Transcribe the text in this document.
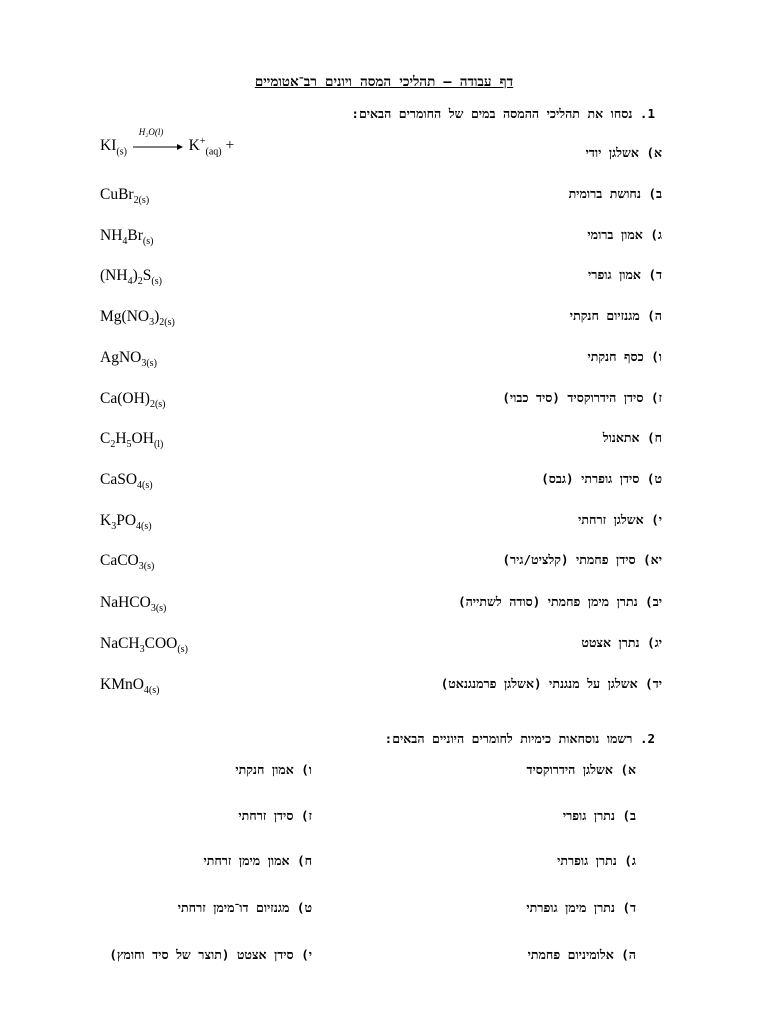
דף עבודה – תהליכי המסה ויונים רב־אטומיים
1. נסחו את תהליכי ההמסה במים של החומרים הבאים:
$KI_{(s)}$
H₂O(l)
$K^+_{(aq)}$ +	א) אשלגן יודי
ב) נחושת ברומית
CuBr$_{2(s)}$
ג) אמון ברומי
$NH_4Br_{(s)}$
ד) אמון גופרי
$(NH_4)_2S_{(s)}$
ה) מגנזיום חנקתי
$Mg(NO_3)_{2(s)}$
ו) כסף חנקתי
AgNO$_{3(s)}$
ז) סידן הידרוקסיד (סיד כבוי)
$Ca(OH)_{2(s)}$
ח) אתאנול
$C_2H_5OH_{(l)}$
ט) סידן גופרתי (גבס)
CaSO$_{4(s)}$
י) אשלגן זרחתי
$K_3PO_{4(s)}$
יא) סידן פחמתי (קלציט/גיר)
CaCO$_{3(s)}$
יב) נתרן מימן פחמתי (סודה לשתייה)
NaHCO$_{3(s)}$
יג) נתרן אצטט
$NaCH_3COO_{(s)}$
יד) אשלגן על מנגנתי (אשלגן פרמנגנאט)
KMnO$_{4(s)}$
2. רשמו נוסחאות כימיות לחומרים היוניים הבאים:
א) אשלגן הידרוקסיד
ו) אמון חנקתי
ב) נתרן גופרי
ז) סידן זרחתי
ג) נתרן גופרתי
ח) אמון מימן זרחתי
ד) נתרן מימן גופרתי
ט) מגנזיום דו־מימן זרחתי
ה) אלומיניום פחמתי
י) סידן אצטט (תוצר של סיד וחומץ)
